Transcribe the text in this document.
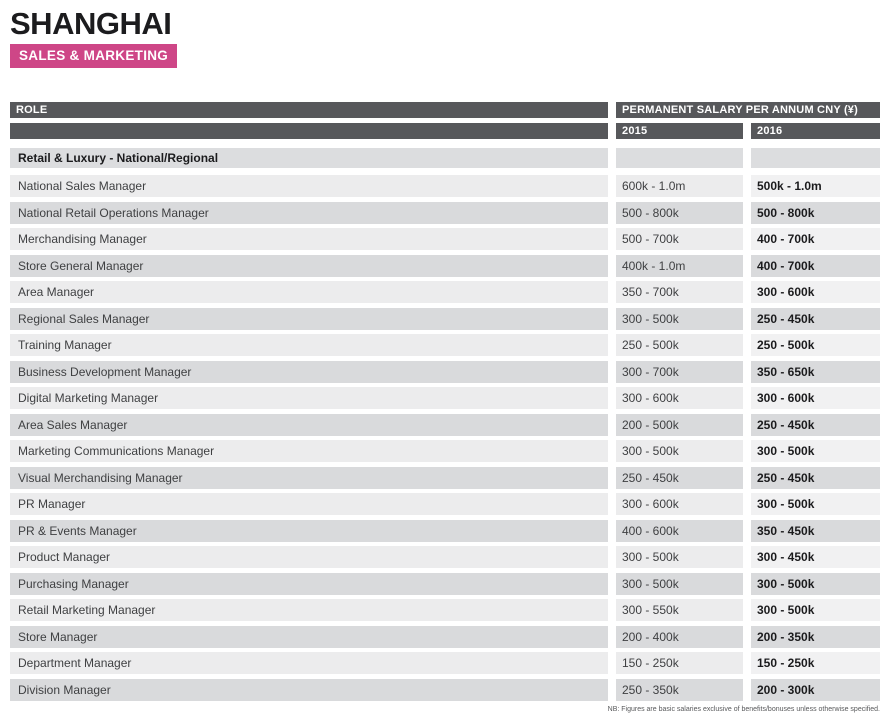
SHANGHAI
SALES & MARKETING
ROLE	PERMANENT SALARY PER ANNUM CNY (¥)
2015	2016
Retail & Luxury - National/Regional
National Sales Manager	600k - 1.0m	500k - 1.0m
National Retail Operations Manager	500 - 800k	500 - 800k
Merchandising Manager	500 - 700k	400 - 700k
Store General Manager	400k - 1.0m	400 - 700k
Area Manager	350 - 700k	300 - 600k
Regional Sales Manager	300 - 500k	250 - 450k
Training Manager	250 - 500k	250 - 500k
Business Development Manager	300 - 700k	350 - 650k
Digital Marketing Manager	300 - 600k	300 - 600k
Area Sales Manager	200 - 500k	250 - 450k
Marketing Communications Manager	300 - 500k	300 - 500k
Visual Merchandising Manager	250 - 450k	250 - 450k
PR Manager	300 - 600k	300 - 500k
PR & Events Manager	400 - 600k	350 - 450k
Product Manager	300 - 500k	300 - 450k
Purchasing Manager	300 - 500k	300 - 500k
Retail Marketing Manager	300 - 550k	300 - 500k
Store Manager	200 - 400k	200 - 350k
Department Manager	150 - 250k	150 - 250k
Division Manager	250 - 350k	200 - 300k
NB: Figures are basic salaries exclusive of benefits/bonuses unless otherwise specified.
